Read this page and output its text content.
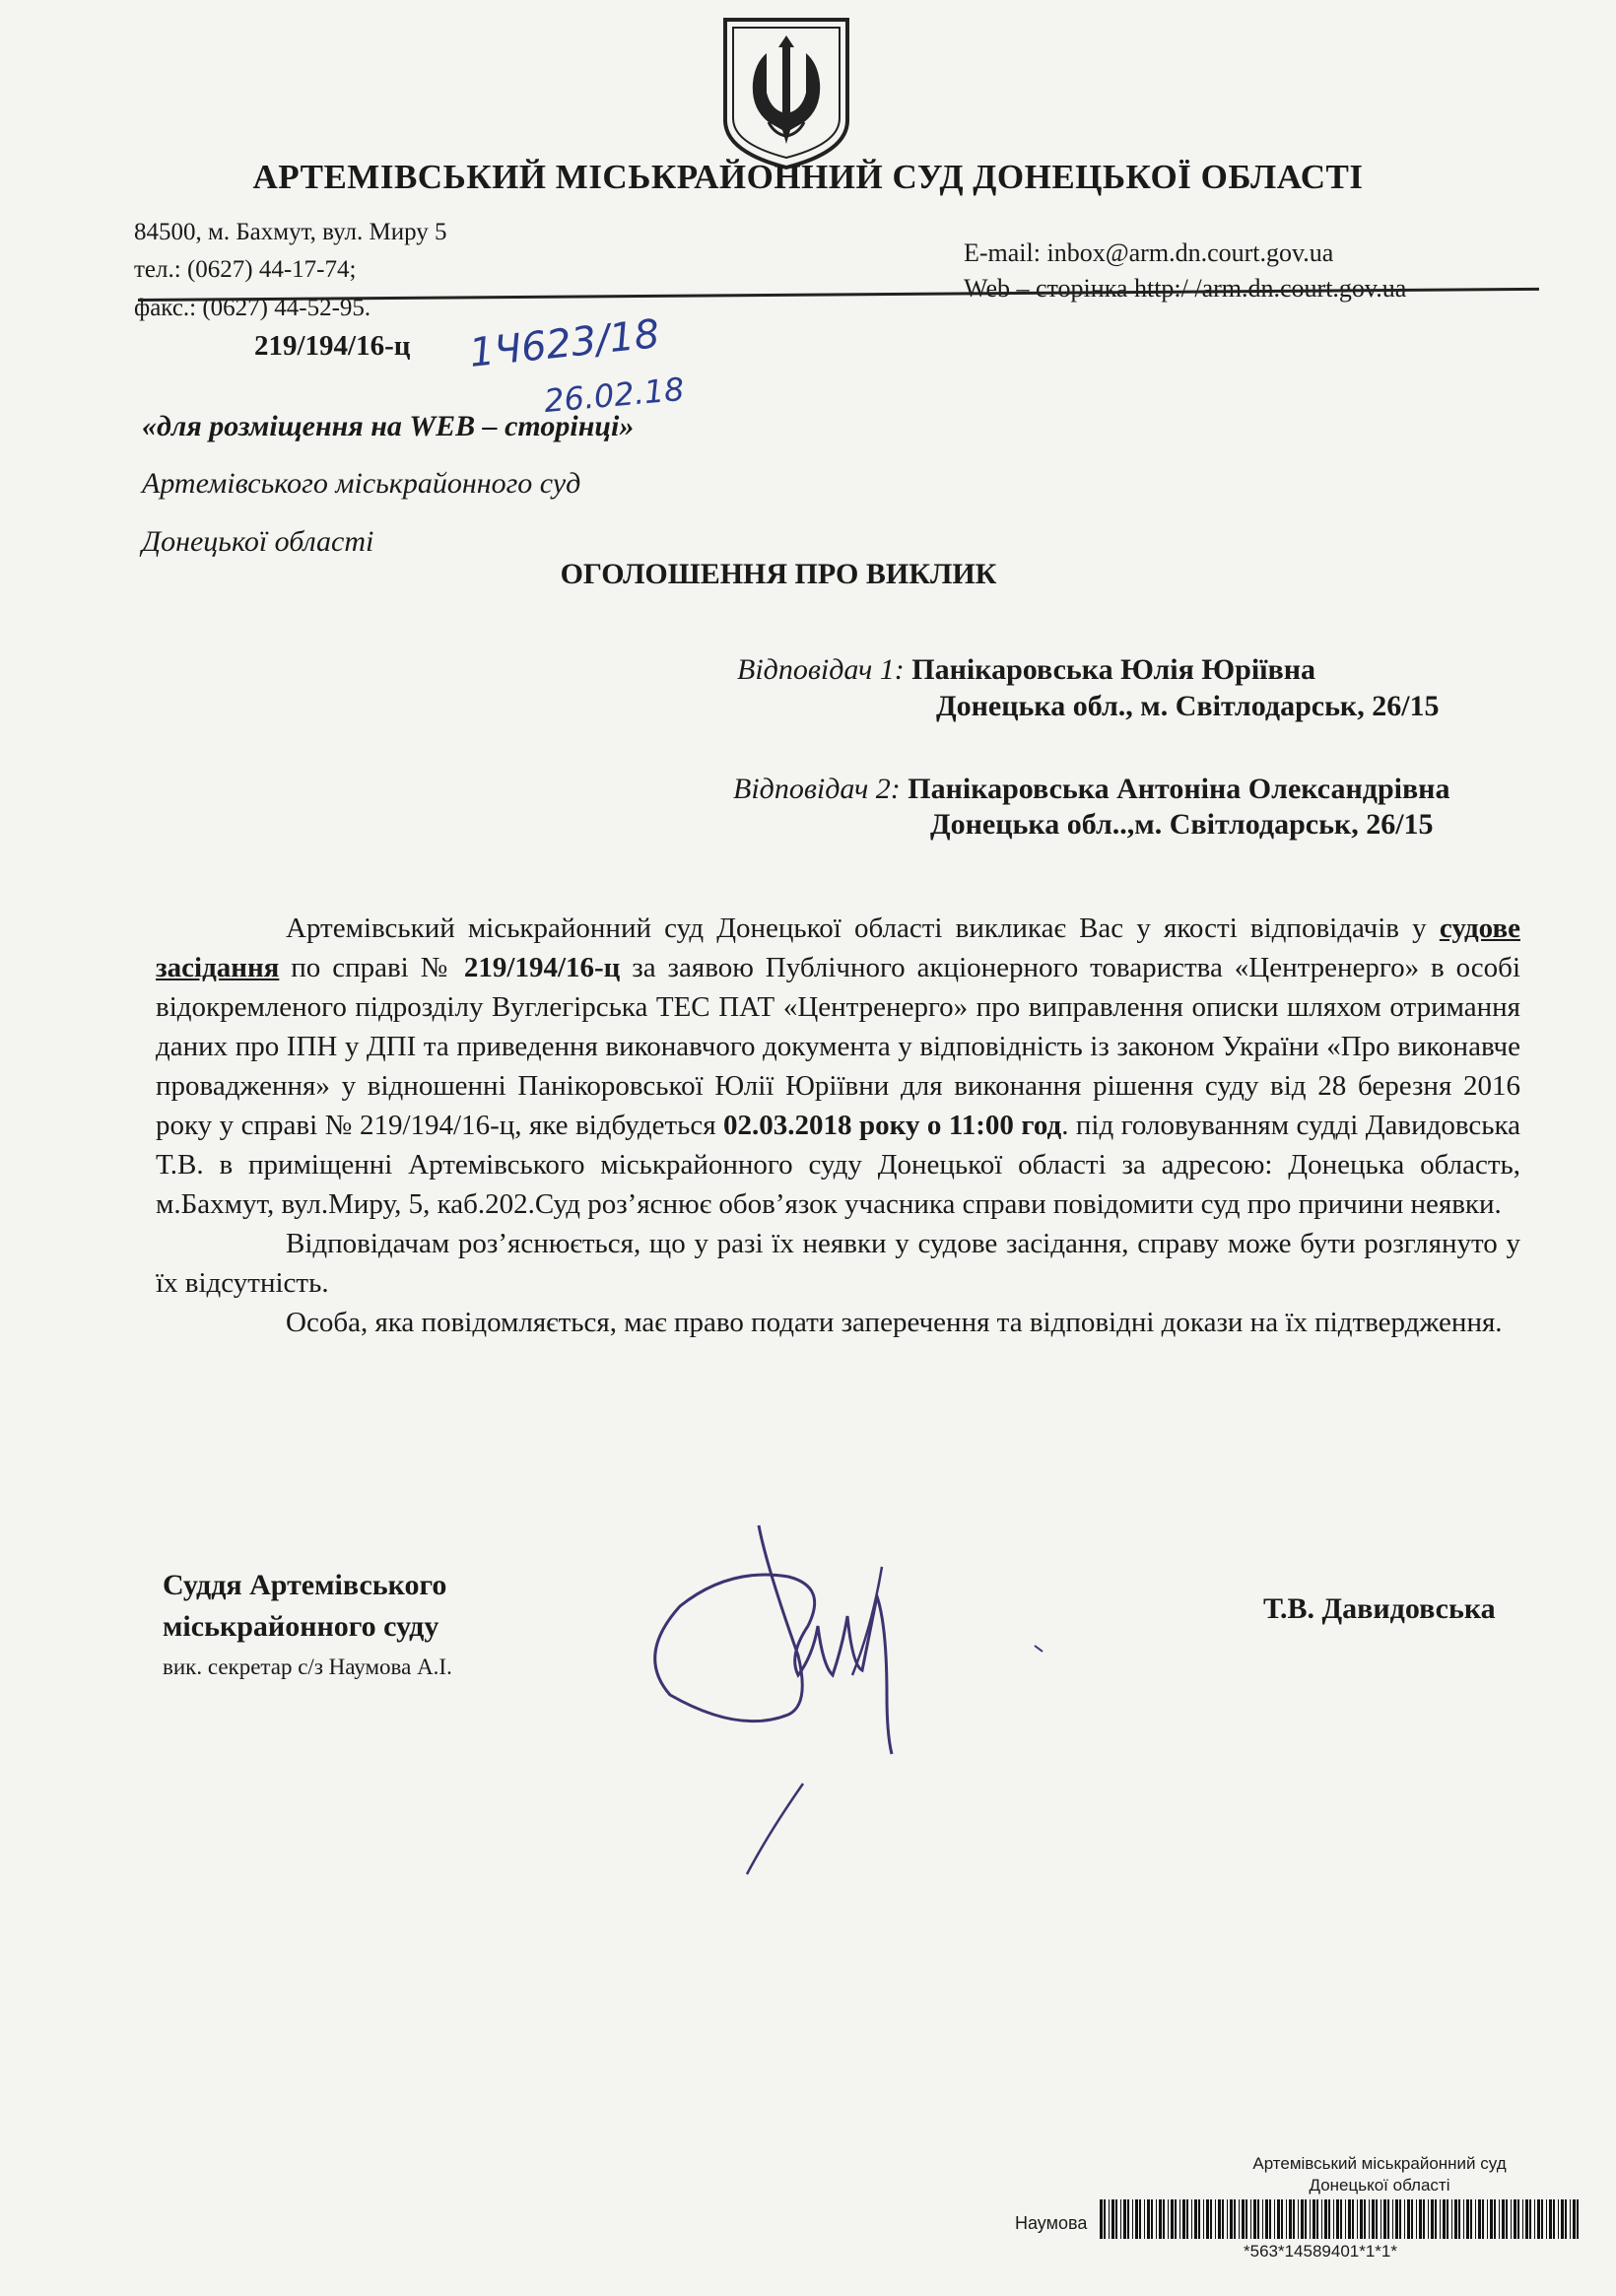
АРТЕМІВСЬКИЙ МІСЬКРАЙОННИЙ СУД ДОНЕЦЬКОЇ ОБЛАСТІ
84500, м. Бахмут, вул. Миру 5
тел.: (0627) 44-17-74;
факс.: (0627) 44-52-95.
E-mail: inbox@arm.dn.court.gov.ua
Web – сторінка http:/ /arm.dn.court.gov.ua
219/194/16-ц 1Ч623/18
26.02.18
«для розміщення на WEB – сторінці»
Артемівського міськрайонного суд
Донецької області
ОГОЛОШЕННЯ ПРО ВИКЛИК
Відповідач 1: Панікаровська Юлія Юріївна
Донецька обл., м. Світлодарськ, 26/15
Відповідач 2: Панікаровська Антоніна Олександрівна
Донецька обл..,м. Світлодарськ, 26/15

Артемівський міськрайонний суд Донецької області викликає Вас у якості відповідачів у судове засідання по справі № 219/194/16-ц за заявою Публічного акціонерного товариства «Центренерго» в особі відокремленого підрозділу Вуглегірська ТЕС ПАТ «Центренерго» про виправлення описки шляхом отримання даних про ІПН у ДПІ та приведення виконавчого документа у відповідність із законом України «Про виконавче провадження» у відношенні Панікоровської Юлії Юріївни для виконання рішення суду від 28 березня 2016 року у справі № 219/194/16-ц, яке відбудеться 02.03.2018 року о 11:00 год. під головуванням судді Давидовська Т.В. в приміщенні Артемівського міськрайонного суду Донецької області за адресою: Донецька область, м.Бахмут, вул.Миру, 5, каб.202.Суд роз’яснює обов’язок учасника справи повідомити суд про причини неявки.

Відповідачам роз’яснюється, що у разі їх неявки у судове засідання, справу може бути розглянуто у їх відсутність.

Особа, яка повідомляється, має право подати заперечення та відповідні докази на їх підтвердження.

Суддя Артемівського
міськрайонного суду
вик. секретар с/з Наумова А.І.
Т.В. Давидовська
Артемівський міськрайонний суд
Донецької області
Наумова
*563*14589401*1*1*
